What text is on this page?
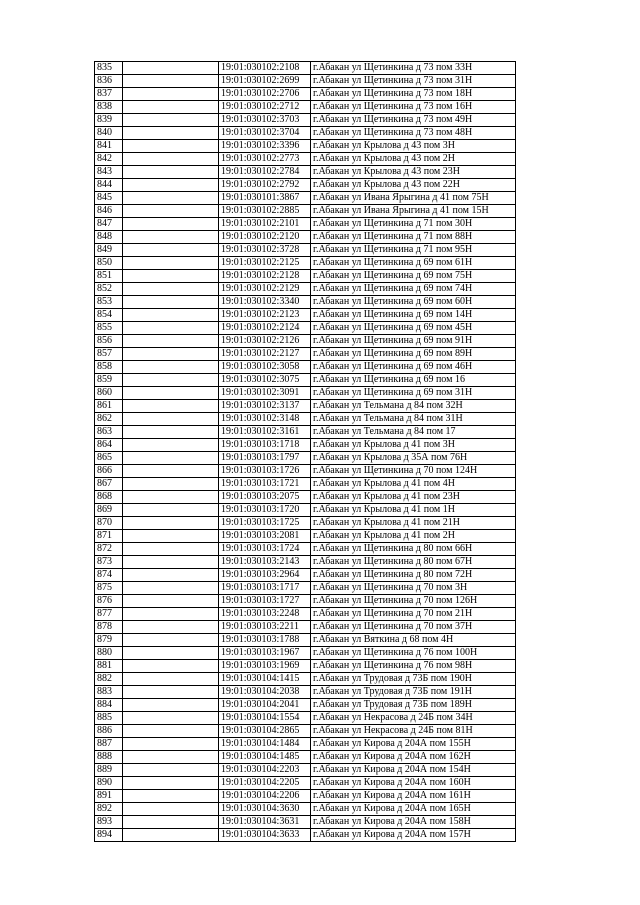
835		19:01:030102:2108	г.Абакан ул Щетинкина д 73 пом 33Н
836		19:01:030102:2699	г.Абакан ул Щетинкина д 73 пом 31Н
837		19:01:030102:2706	г.Абакан ул Щетинкина д 73 пом 18Н
838		19:01:030102:2712	г.Абакан ул Щетинкина д 73 пом 16Н
839		19:01:030102:3703	г.Абакан ул Щетинкина д 73 пом 49Н
840		19:01:030102:3704	г.Абакан ул Щетинкина д 73 пом 48Н
841		19:01:030102:3396	г.Абакан ул Крылова д 43 пом 3Н
842		19:01:030102:2773	г.Абакан ул Крылова д 43 пом 2Н
843		19:01:030102:2784	г.Абакан ул Крылова д 43 пом 23Н
844		19:01:030102:2792	г.Абакан ул Крылова д 43 пом 22Н
845		19:01:030101:3867	г.Абакан ул Ивана Ярыгина д 41 пом 75Н
846		19:01:030102:2885	г.Абакан ул Ивана Ярыгина д 41 пом 15Н
847		19:01:030102:2101	г.Абакан ул Щетинкина д 71 пом 30Н
848		19:01:030102:2120	г.Абакан ул Щетинкина д 71 пом 88Н
849		19:01:030102:3728	г.Абакан ул Щетинкина д 71 пом 95Н
850		19:01:030102:2125	г.Абакан ул Щетинкина д 69 пом 61Н
851		19:01:030102:2128	г.Абакан ул Щетинкина д 69 пом 75Н
852		19:01:030102:2129	г.Абакан ул Щетинкина д 69 пом 74Н
853		19:01:030102:3340	г.Абакан ул Щетинкина д 69 пом 60Н
854		19:01:030102:2123	г.Абакан ул Щетинкина д 69 пом 14Н
855		19:01:030102:2124	г.Абакан ул Щетинкина д 69 пом 45Н
856		19:01:030102:2126	г.Абакан ул Щетинкина д 69 пом 91Н
857		19:01:030102:2127	г.Абакан ул Щетинкина д 69 пом 89Н
858		19:01:030102:3058	г.Абакан ул Щетинкина д 69 пом 46Н
859		19:01:030102:3075	г.Абакан ул Щетинкина д 69 пом 16
860		19:01:030102:3091	г.Абакан ул Щетинкина д 69 пом 31Н
861		19:01:030102:3137	г.Абакан ул Тельмана д 84 пом 32Н
862		19:01:030102:3148	г.Абакан ул Тельмана д 84 пом 31Н
863		19:01:030102:3161	г.Абакан ул Тельмана д 84 пом 17
864		19:01:030103:1718	г.Абакан ул Крылова д 41 пом 3Н
865		19:01:030103:1797	г.Абакан ул Крылова д 35А пом 76Н
866		19:01:030103:1726	г.Абакан ул Щетинкина д 70 пом 124Н
867		19:01:030103:1721	г.Абакан ул Крылова д 41 пом 4Н
868		19:01:030103:2075	г.Абакан ул Крылова д 41 пом 23Н
869		19:01:030103:1720	г.Абакан ул Крылова д 41 пом 1Н
870		19:01:030103:1725	г.Абакан ул Крылова д 41 пом 21Н
871		19:01:030103:2081	г.Абакан ул Крылова д 41 пом 2Н
872		19:01:030103:1724	г.Абакан ул Щетинкина д 80 пом 66Н
873		19:01:030103:2143	г.Абакан ул Щетинкина д 80 пом 67Н
874		19:01:030103:2964	г.Абакан ул Щетинкина д 80 пом 72Н
875		19:01:030103:1717	г.Абакан ул Щетинкина д 70 пом 3Н
876		19:01:030103:1727	г.Абакан ул Щетинкина д 70 пом 126Н
877		19:01:030103:2248	г.Абакан ул Щетинкина д 70 пом 21Н
878		19:01:030103:2211	г.Абакан ул Щетинкина д 70 пом 37Н
879		19:01:030103:1788	г.Абакан ул Вяткина д 68 пом 4Н
880		19:01:030103:1967	г.Абакан ул Щетинкина д 76 пом 100Н
881		19:01:030103:1969	г.Абакан ул Щетинкина д 76 пом 98Н
882		19:01:030104:1415	г.Абакан ул Трудовая д 73Б пом 190Н
883		19:01:030104:2038	г.Абакан ул Трудовая д 73Б пом 191Н
884		19:01:030104:2041	г.Абакан ул Трудовая д 73Б пом 189Н
885		19:01:030104:1554	г.Абакан ул Некрасова д 24Б пом 34Н
886		19:01:030104:2865	г.Абакан ул Некрасова д 24Б пом 81Н
887		19:01:030104:1484	г.Абакан ул Кирова д 204А пом 155Н
888		19:01:030104:1485	г.Абакан ул Кирова д 204А пом 162Н
889		19:01:030104:2203	г.Абакан ул Кирова д 204А пом 154Н
890		19:01:030104:2205	г.Абакан ул Кирова д 204А пом 160Н
891		19:01:030104:2206	г.Абакан ул Кирова д 204А пом 161Н
892		19:01:030104:3630	г.Абакан ул Кирова д 204А пом 165Н
893		19:01:030104:3631	г.Абакан ул Кирова д 204А пом 158Н
894		19:01:030104:3633	г.Абакан ул Кирова д 204А пом 157Н
